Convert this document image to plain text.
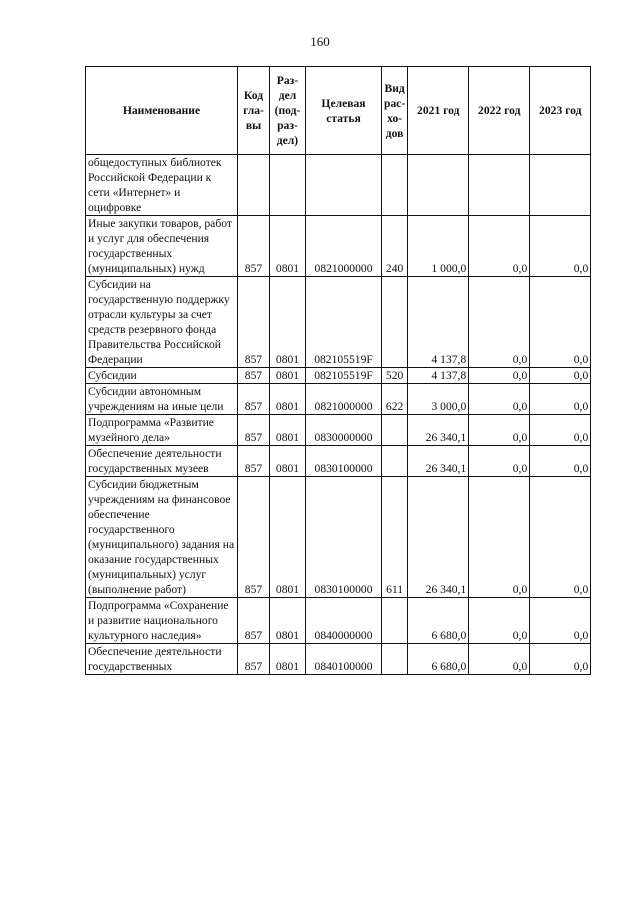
160
Наименование	Код гла- вы	Раз- дел (под- раз- дел)	Целевая статья	Вид рас- хо- дов	2021 год	2022 год	2023 год
общедоступных библиотек Российской Федерации к сети «Интернет» и оцифровке							
Иные закупки товаров, работ и услуг для обеспечения государственных (муниципальных) нужд	857	0801	0821000000	240	1 000,0	0,0	0,0
Субсидии на государственную поддержку отрасли культуры за счет средств резервного фонда Правительства Российской Федерации	857	0801	082105519F		4 137,8	0,0	0,0
Субсидии	857	0801	082105519F	520	4 137,8	0,0	0,0
Субсидии автономным учреждениям на иные цели	857	0801	0821000000	622	3 000,0	0,0	0,0
Подпрограмма «Развитие музейного дела»	857	0801	0830000000		26 340,1	0,0	0,0
Обеспечение деятельности государственных музеев	857	0801	0830100000		26 340,1	0,0	0,0
Субсидии бюджетным учреждениям на финансовое обеспечение государственного (муниципального) задания на оказание государственных (муниципальных) услуг (выполнение работ)	857	0801	0830100000	611	26 340,1	0,0	0,0
Подпрограмма «Сохранение и развитие национального культурного наследия»	857	0801	0840000000		6 680,0	0,0	0,0
Обеспечение деятельности государственных	857	0801	0840100000		6 680,0	0,0	0,0
